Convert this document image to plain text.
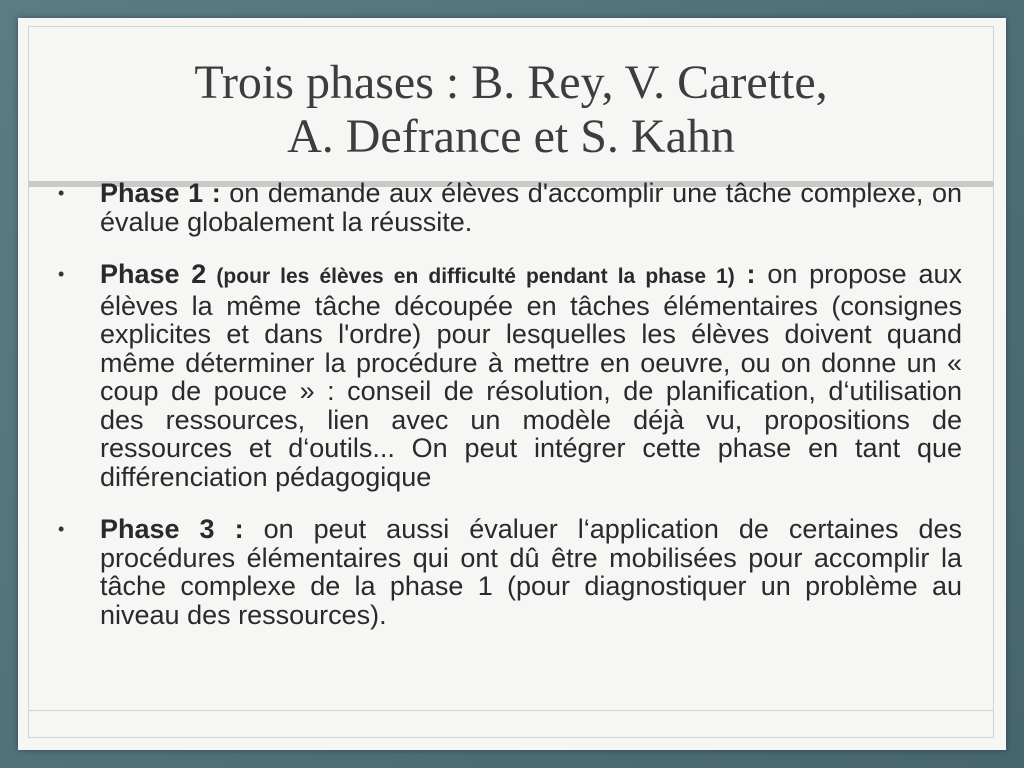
Trois phases : B. Rey, V. Carette,
A. Defrance et S. Kahn
• Phase 1 : on demande aux élèves d'accomplir une tâche complexe, on évalue globalement la réussite.
• Phase 2 (pour les élèves en difficulté pendant la phase 1) : on propose aux élèves la même tâche découpée en tâches élémentaires (consignes explicites et dans l'ordre) pour lesquelles les élèves doivent quand même déterminer la procédure à mettre en oeuvre, ou on donne un « coup de pouce » : conseil de résolution, de planification, d‘utilisation des ressources, lien avec un modèle déjà vu, propositions de ressources et d‘outils... On peut intégrer cette phase en tant que différenciation pédagogique
• Phase 3 : on peut aussi évaluer l‘application de certaines des procédures élémentaires qui ont dû être mobilisées pour accomplir la tâche complexe de la phase 1 (pour diagnostiquer un problème au niveau des ressources).
